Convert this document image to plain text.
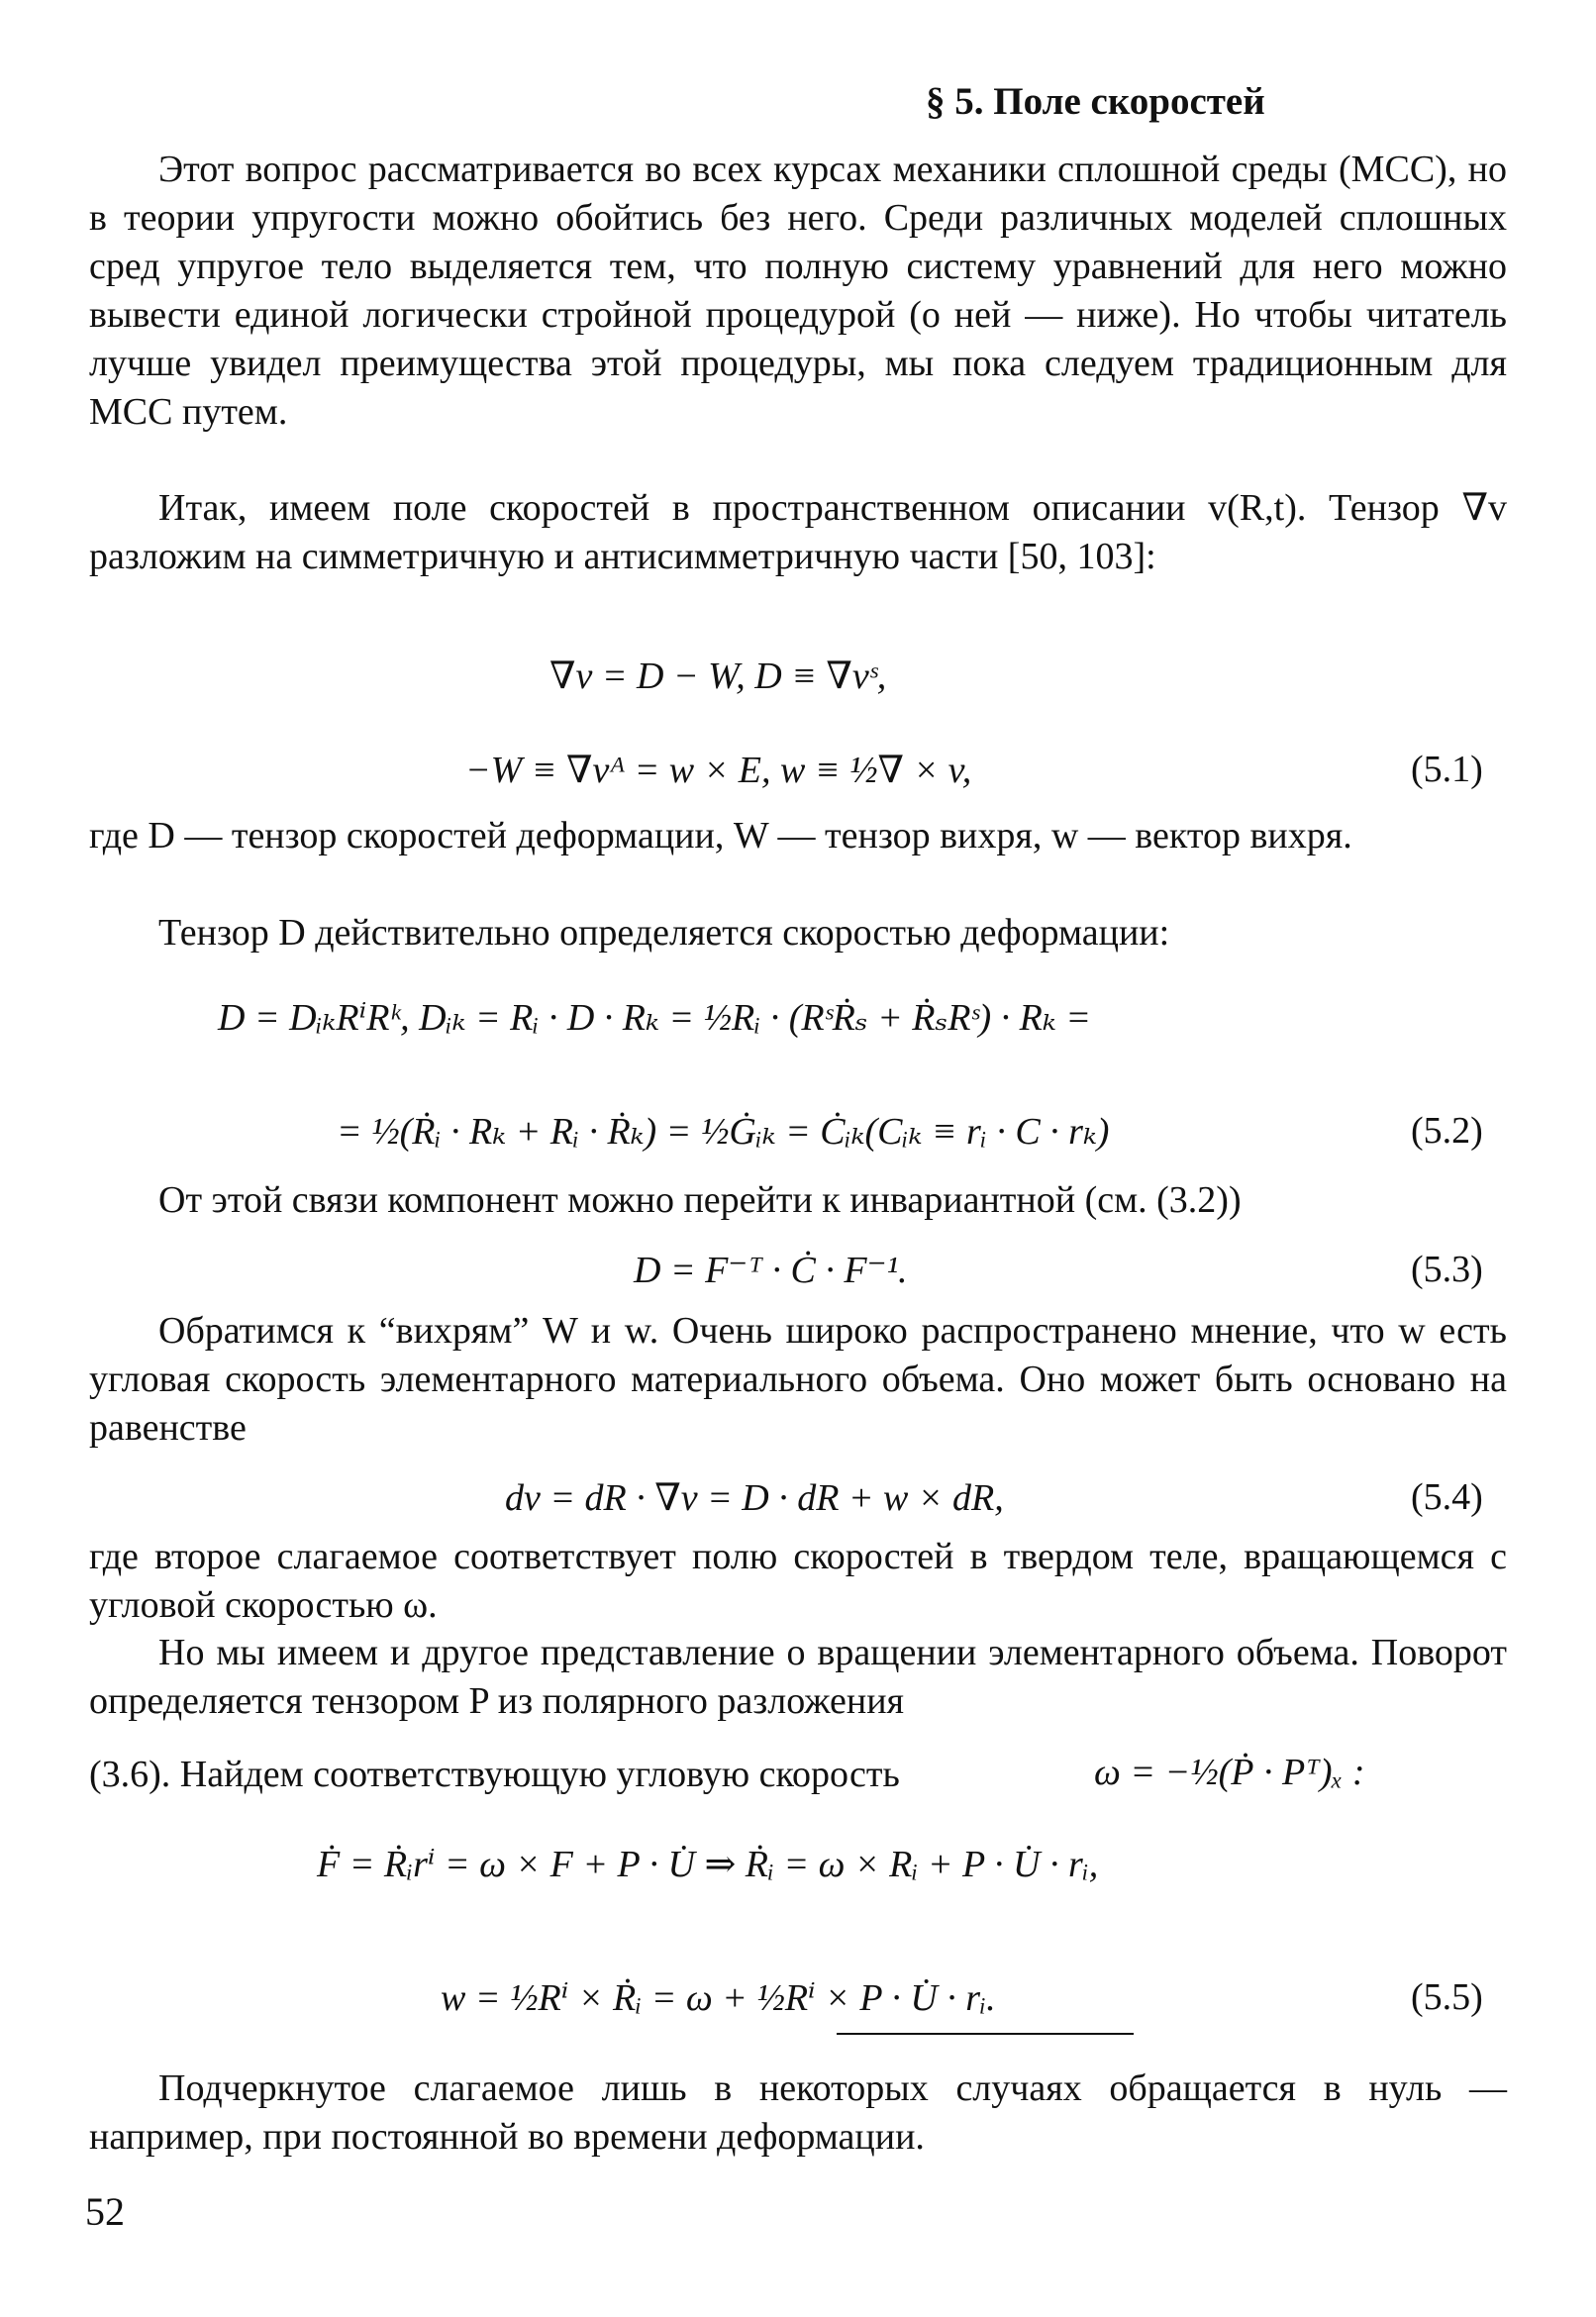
§ 5. Поле скоростей

Этот вопрос рассматривается во всех курсах механики сплошной среды (МСС), но в теории упругости можно обойтись без него. Среди различных моделей сплошных сред упругое тело выделяется тем, что полную систему уравнений для него можно вывести единой логически стройной процедурой (о ней — ниже). Но чтобы читатель лучше увидел преимущества этой процедуры, мы пока следуем традиционным для МСС путем.

Итак, имеем поле скоростей в пространственном описании v(R,t). Тензор ∇v разложим на симметричную и антисимметричную части [50, 103]:

∇v = D − W, D ≡ ∇vˢ,
−W ≡ ∇vᴬ = w × E, w ≡ ½∇ × v,	(5.1)

где D — тензор скоростей деформации, W — тензор вихря, w — вектор вихря.

Тензор D действительно определяется скоростью деформации:

D = DᵢₖRⁱRᵏ, Dᵢₖ = Rᵢ · D · Rₖ = ½Rᵢ · (RˢṘₛ + ṘₛRˢ) · Rₖ =
= ½(Ṙᵢ · Rₖ + Rᵢ · Ṙₖ) = ½Ġᵢₖ = Ċᵢₖ(Cᵢₖ ≡ rᵢ · C · rₖ)	(5.2)

От этой связи компонент можно перейти к инвариантной (см. (3.2))

D = F⁻ᵀ · Ċ · F⁻¹.	(5.3)

Обратимся к “вихрям” W и w. Очень широко распространено мнение, что w есть угловая скорость элементарного материального объема. Оно может быть основано на равенстве

dv = dR · ∇v = D · dR + w × dR,	(5.4)

где второе слагаемое соответствует полю скоростей в твердом теле, вращающемся с угловой скоростью ω.

Но мы имеем и другое представление о вращении элементарного объема. Поворот определяется тензором P из полярного разложения

(3.6). Найдем соответствующую угловую скорость	ω = −½(Ṗ · Pᵀ)ₓ :
Ḟ = Ṙᵢrⁱ = ω × F + P · U̇ ⇒ Ṙᵢ = ω × Rᵢ + P · U̇ · rᵢ,
w = ½Rⁱ × Ṙᵢ = ω + ½Rⁱ × P · U̇ · rᵢ.	(5.5)

Подчеркнутое слагаемое лишь в некоторых случаях обращается в нуль — например, при постоянной во времени деформации.

52
